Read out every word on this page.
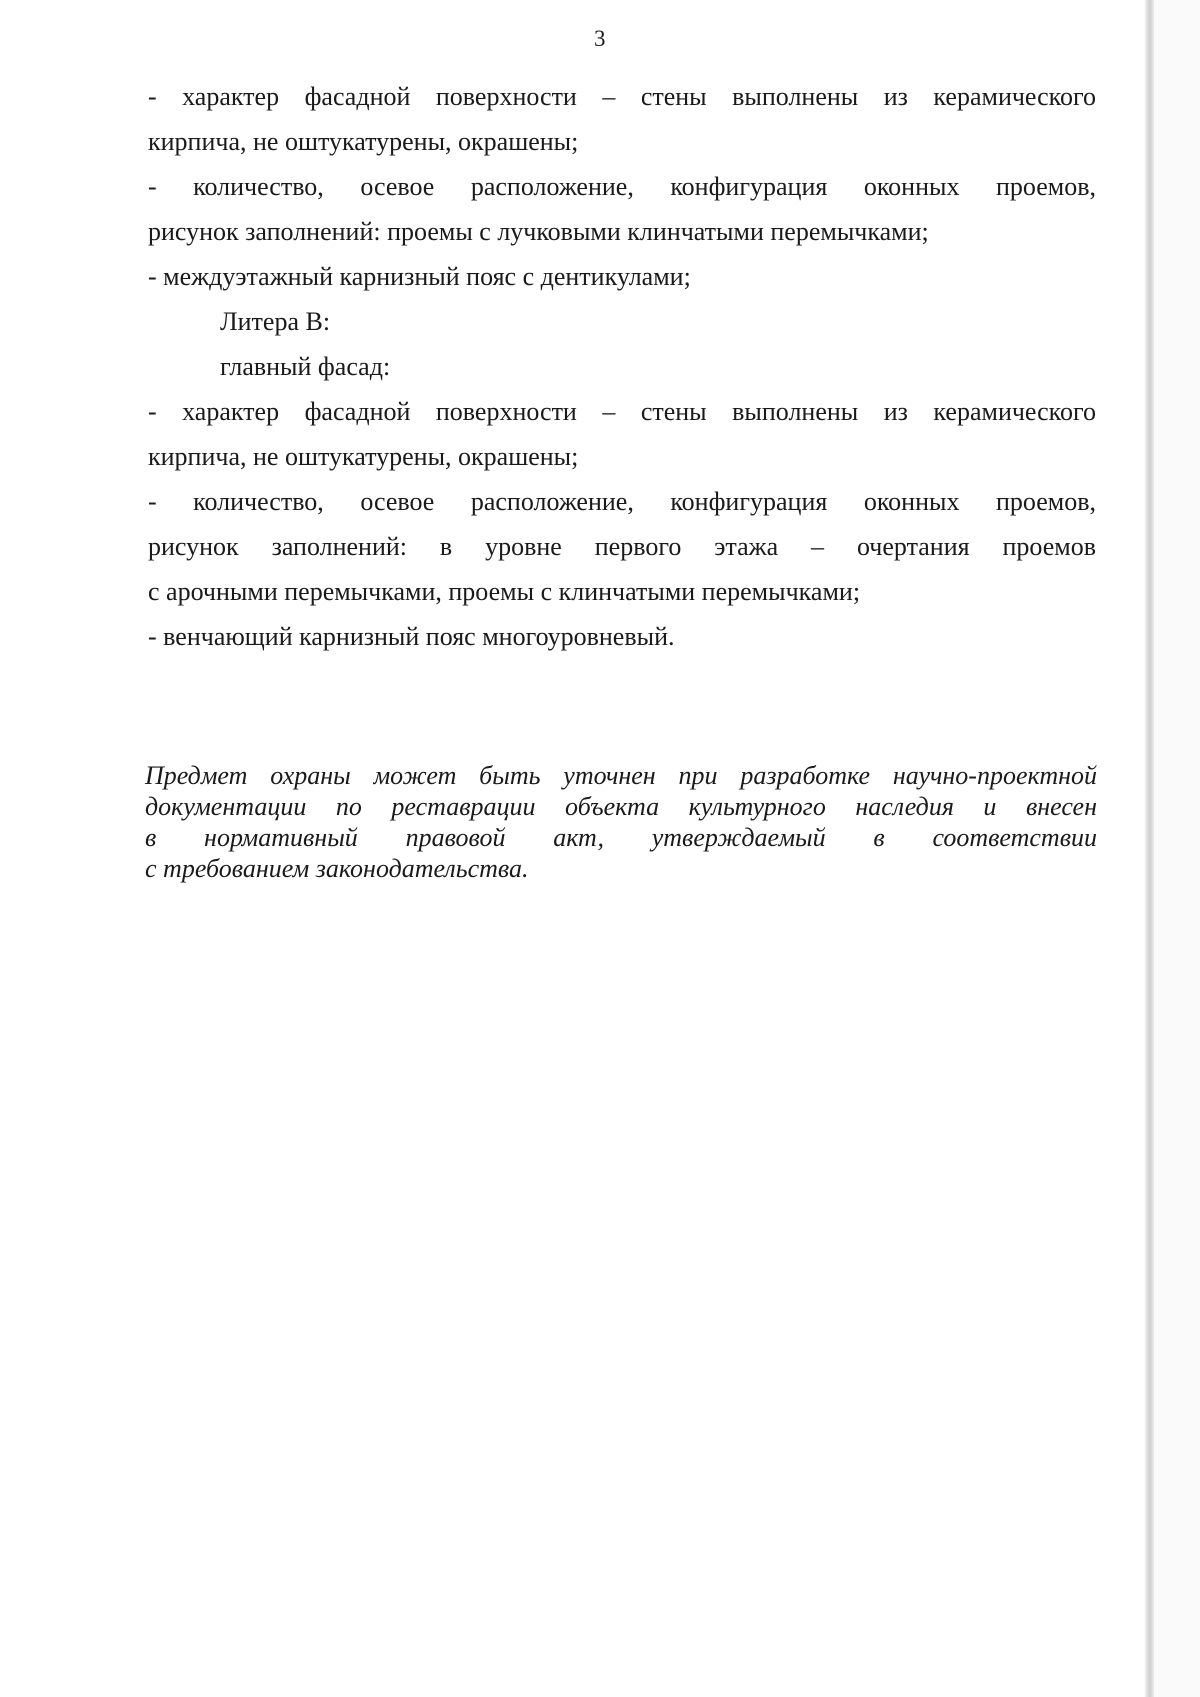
3
- характер фасадной поверхности – стены выполнены из керамического
кирпича, не оштукатурены, окрашены;
- количество, осевое расположение, конфигурация оконных проемов,
рисунок заполнений: проемы с лучковыми клинчатыми перемычками;
- междуэтажный карнизный пояс с дентикулами;
Литера В:
главный фасад:
- характер фасадной поверхности – стены выполнены из керамического
кирпича, не оштукатурены, окрашены;
- количество, осевое расположение, конфигурация оконных проемов,
рисунок заполнений: в уровне первого этажа – очертания проемов
с арочными перемычками, проемы с клинчатыми перемычками;
- венчающий карнизный пояс многоуровневый.
Предмет охраны может быть уточнен при разработке научно-проектной
документации по реставрации объекта культурного наследия и внесен
в нормативный правовой акт, утверждаемый в соответствии
с требованием законодательства.
